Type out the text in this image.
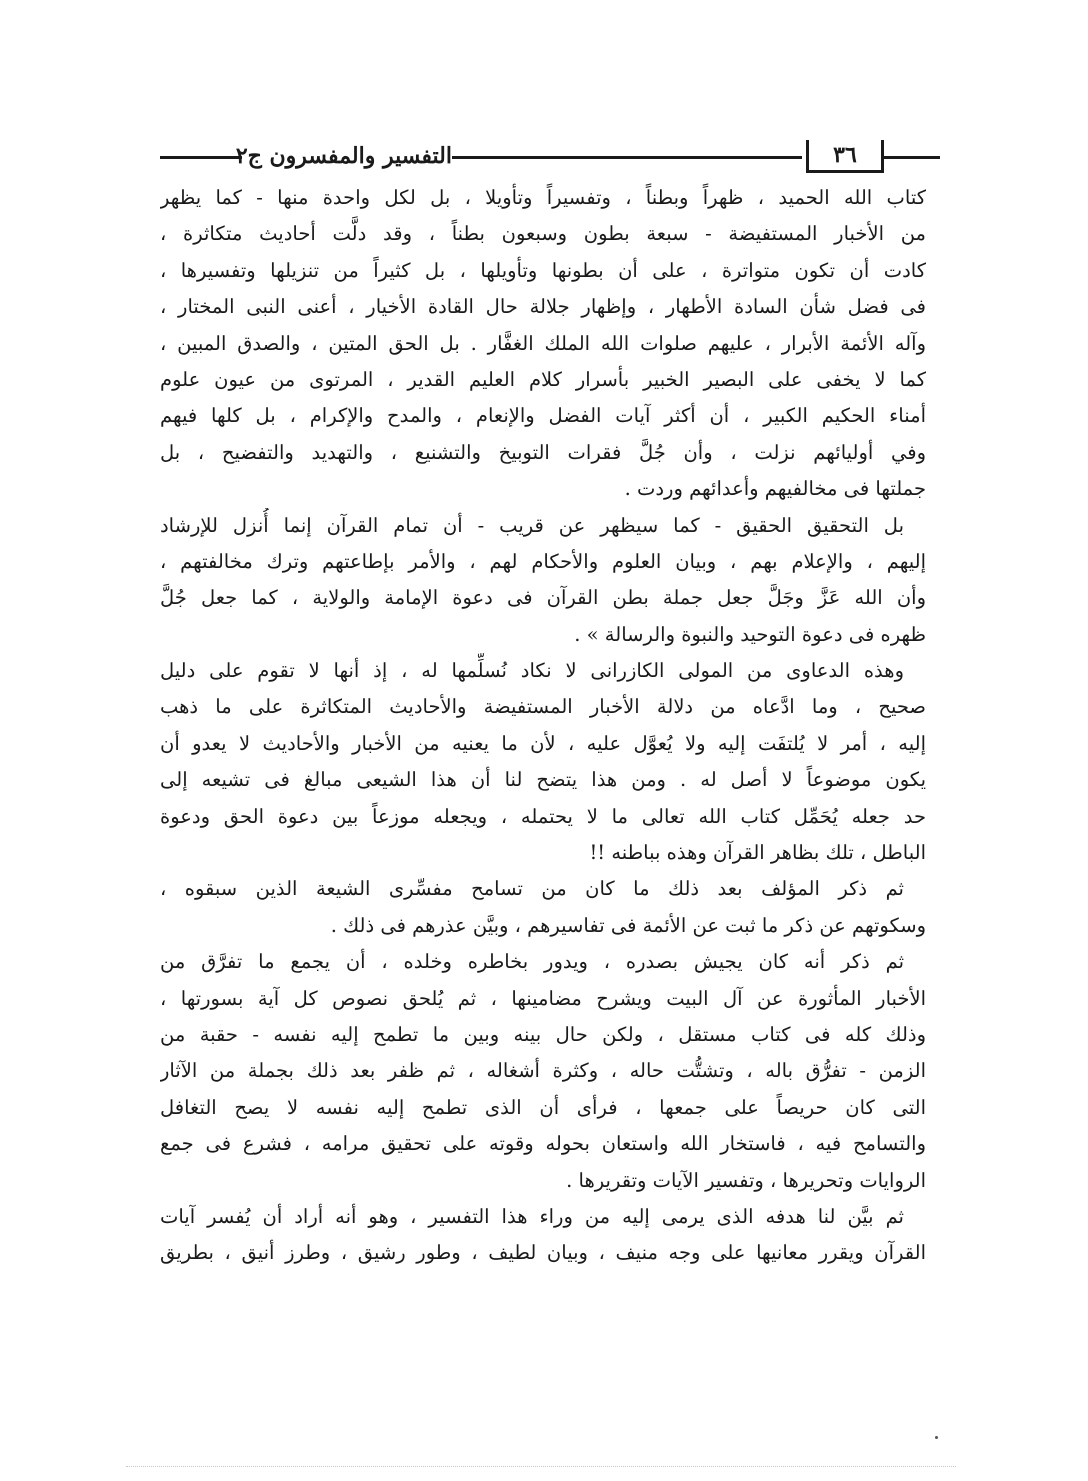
التفسير والمفسرون ج٢	٣٦
كتاب الله الحميد ، ظهراً وبطناً ، وتفسيراً وتأويلا ، بل لكل واحدة منها - كما يظهر
من الأخبار المستفيضة - سبعة بطون وسبعون بطناً ، وقد دلَّت أحاديث متكاثرة ،
كادت أن تكون متواترة ، على أن بطونها وتأويلها ، بل كثيراً من تنزيلها وتفسيرها ،
فى فضل شأن السادة الأطهار ، وإظهار جلالة حال القادة الأخيار ، أعنى النبى المختار ،
وآله الأئمة الأبرار ، عليهم صلوات الله الملك الغفَّار . بل الحق المتين ، والصدق المبين ،
كما لا يخفى على البصير الخبير بأسرار كلام العليم القدير ، المرتوى من عيون علوم
أمناء الحكيم الكبير ، أن أكثر آيات الفضل والإنعام ، والمدح والإكرام ، بل كلها فيهم
وفي أوليائهم نزلت ، وأن جُلَّ فقرات التوبيخ والتشنيع ، والتهديد والتفضيح ، بل
جملتها فى مخالفيهم وأعدائهم وردت .
بل التحقيق الحقيق - كما سيظهر عن قريب - أن تمام القرآن إنما أُنزل للإرشاد
إليهم ، والإعلام بهم ، وبيان العلوم والأحكام لهم ، والأمر بإطاعتهم وترك مخالفتهم ،
وأن الله عَزَّ وجَلَّ جعل جملة بطن القرآن فى دعوة الإمامة والولاية ، كما جعل جُلَّ
ظهره فى دعوة التوحيد والنبوة والرسالة » .
وهذه الدعاوى من المولى الكازرانى لا نكاد نُسلِّمها له ، إذ أنها لا تقوم على دليل
صحيح ، وما ادَّعاه من دلالة الأخبار المستفيضة والأحاديث المتكاثرة على ما ذهب
إليه ، أمر لا يُلتفَت إليه ولا يُعوَّل عليه ، لأن ما يعنيه من الأخبار والأحاديث لا يعدو أن
يكون موضوعاً لا أصل له . ومن هذا يتضح لنا أن هذا الشيعى مبالغ فى تشيعه إلى
حد جعله يُحَمِّل كتاب الله تعالى ما لا يحتمله ، ويجعله موزعاً بين دعوة الحق ودعوة
الباطل ، تلك بظاهر القرآن وهذه بباطنه !!
ثم ذكر المؤلف بعد ذلك ما كان من تسامح مفسِّرى الشيعة الذين سبقوه ،
وسكوتهم عن ذكر ما ثبت عن الأئمة فى تفاسيرهم ، وبيَّن عذرهم فى ذلك .
ثم ذكر أنه كان يجيش بصدره ، ويدور بخاطره وخلده ، أن يجمع ما تفرَّق من
الأخبار المأثورة عن آل البيت ويشرح مضامينها ، ثم يُلحق نصوص كل آية بسورتها ،
وذلك كله فى كتاب مستقل ، ولكن حال بينه وبين ما تطمح إليه نفسه - حقبة من
الزمن - تفرُّق باله ، وتشتُّت حاله ، وكثرة أشغاله ، ثم ظفر بعد ذلك بجملة من الآثار
التى كان حريصاً على جمعها ، فرأى أن الذى تطمح إليه نفسه لا يصح التغافل
والتسامح فيه ، فاستخار الله واستعان بحوله وقوته على تحقيق مرامه ، فشرع فى جمع
الروايات وتحريرها ، وتفسير الآيات وتقريرها .
ثم بيَّن لنا هدفه الذى يرمى إليه من وراء هذا التفسير ، وهو أنه أراد أن يُفسر آيات
القرآن ويقرر معانيها على وجه منيف ، وبيان لطيف ، وطور رشيق ، وطرز أنيق ، بطريق
